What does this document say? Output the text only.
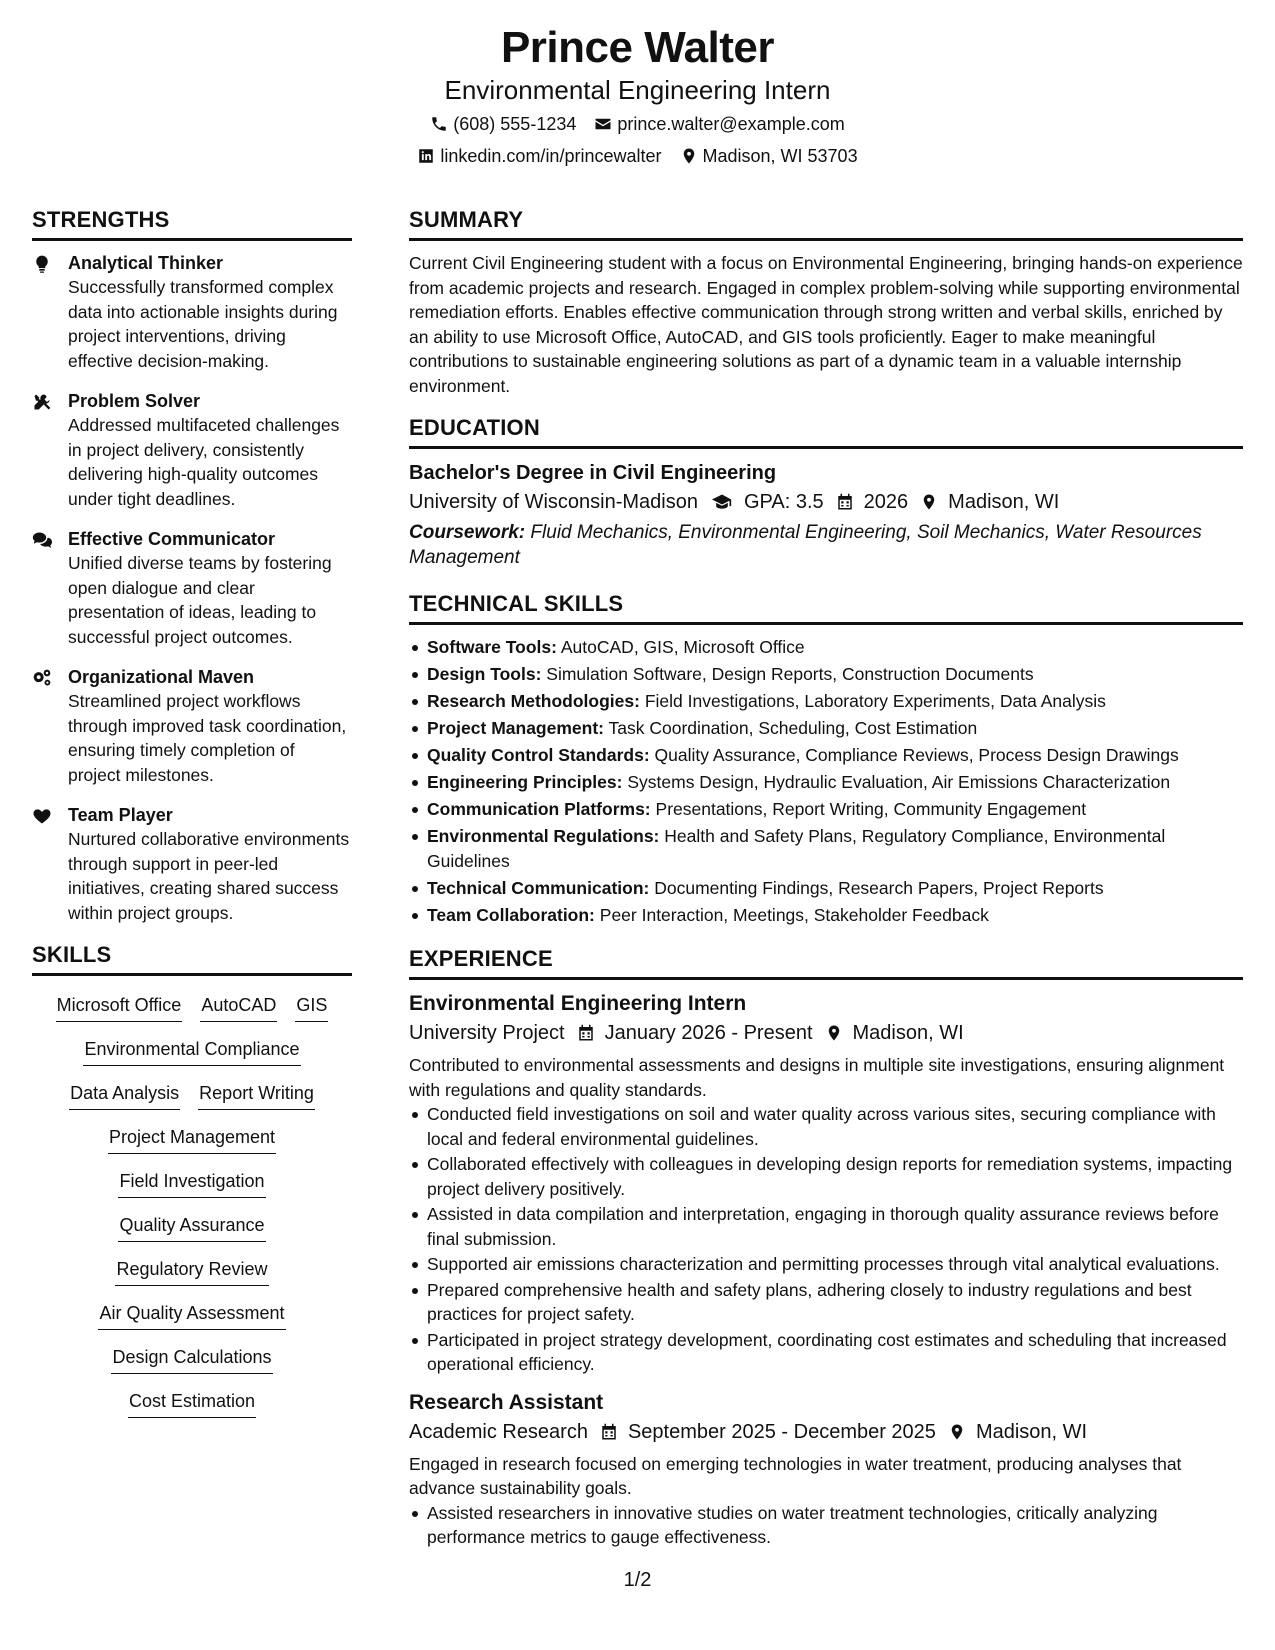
Prince Walter
Environmental Engineering Intern
(608) 555-1234 prince.walter@example.com
linkedin.com/in/princewalter Madison, WI 53703
STRENGTHS
Analytical Thinker
Successfully transformed complex data into actionable insights during project interventions, driving effective decision-making.
Problem Solver
Addressed multifaceted challenges in project delivery, consistently delivering high-quality outcomes under tight deadlines.
Effective Communicator
Unified diverse teams by fostering open dialogue and clear presentation of ideas, leading to successful project outcomes.
Organizational Maven
Streamlined project workflows through improved task coordination, ensuring timely completion of project milestones.
Team Player
Nurtured collaborative environments through support in peer-led initiatives, creating shared success within project groups.
SKILLS
Microsoft Office AutoCAD GIS
Environmental Compliance
Data Analysis Report Writing
Project Management
Field Investigation
Quality Assurance
Regulatory Review
Air Quality Assessment
Design Calculations
Cost Estimation
SUMMARY
Current Civil Engineering student with a focus on Environmental Engineering, bringing hands-on experience from academic projects and research. Engaged in complex problem-solving while supporting environmental remediation efforts. Enables effective communication through strong written and verbal skills, enriched by an ability to use Microsoft Office, AutoCAD, and GIS tools proficiently. Eager to make meaningful contributions to sustainable engineering solutions as part of a dynamic team in a valuable internship environment.
EDUCATION
Bachelor's Degree in Civil Engineering
University of Wisconsin-Madison GPA: 3.5 2026 Madison, WI
Coursework: Fluid Mechanics, Environmental Engineering, Soil Mechanics, Water Resources Management
TECHNICAL SKILLS
Software Tools: AutoCAD, GIS, Microsoft Office
Design Tools: Simulation Software, Design Reports, Construction Documents
Research Methodologies: Field Investigations, Laboratory Experiments, Data Analysis
Project Management: Task Coordination, Scheduling, Cost Estimation
Quality Control Standards: Quality Assurance, Compliance Reviews, Process Design Drawings
Engineering Principles: Systems Design, Hydraulic Evaluation, Air Emissions Characterization
Communication Platforms: Presentations, Report Writing, Community Engagement
Environmental Regulations: Health and Safety Plans, Regulatory Compliance, Environmental Guidelines
Technical Communication: Documenting Findings, Research Papers, Project Reports
Team Collaboration: Peer Interaction, Meetings, Stakeholder Feedback
EXPERIENCE
Environmental Engineering Intern
University Project January 2026 - Present Madison, WI
Contributed to environmental assessments and designs in multiple site investigations, ensuring alignment with regulations and quality standards.
Conducted field investigations on soil and water quality across various sites, securing compliance with local and federal environmental guidelines.
Collaborated effectively with colleagues in developing design reports for remediation systems, impacting project delivery positively.
Assisted in data compilation and interpretation, engaging in thorough quality assurance reviews before final submission.
Supported air emissions characterization and permitting processes through vital analytical evaluations.
Prepared comprehensive health and safety plans, adhering closely to industry regulations and best practices for project safety.
Participated in project strategy development, coordinating cost estimates and scheduling that increased operational efficiency.
Research Assistant
Academic Research September 2025 - December 2025 Madison, WI
Engaged in research focused on emerging technologies in water treatment, producing analyses that advance sustainability goals.
Assisted researchers in innovative studies on water treatment technologies, critically analyzing performance metrics to gauge effectiveness.
1/2
